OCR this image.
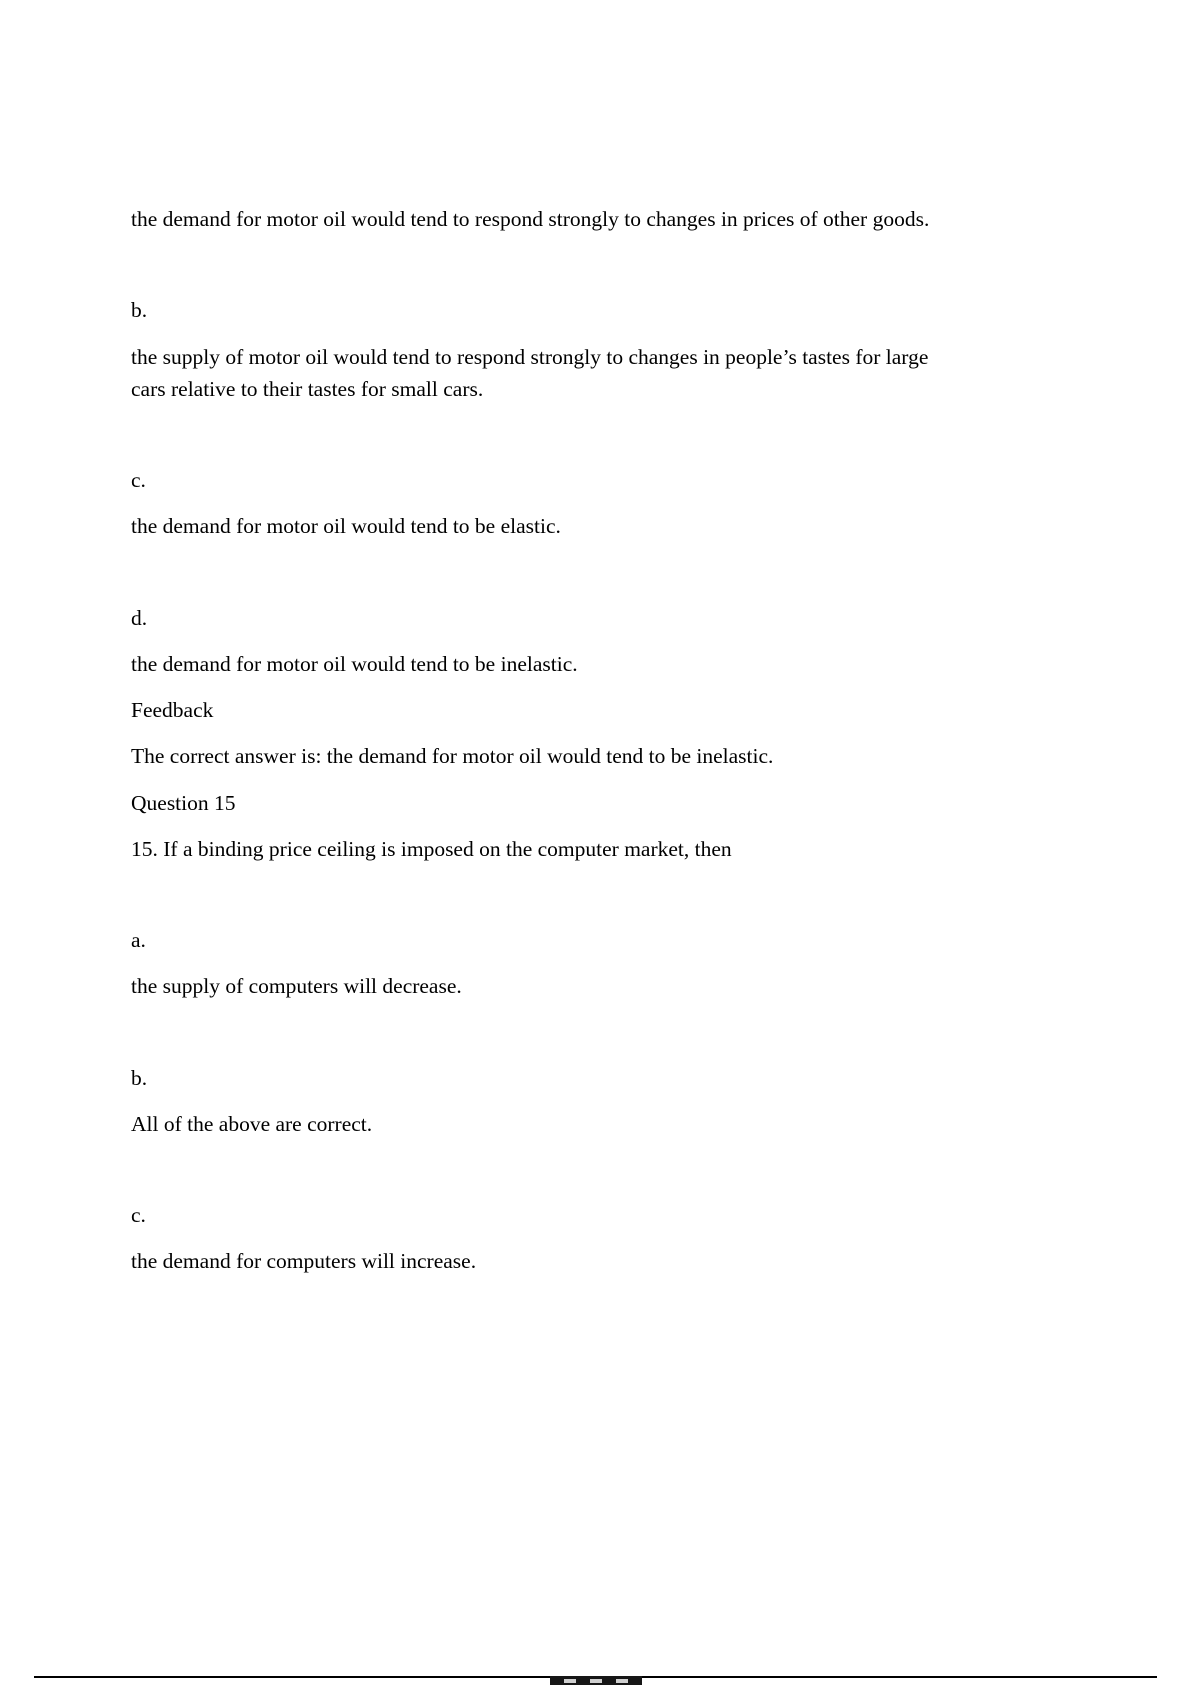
the demand for motor oil would tend to respond strongly to changes in prices of other goods.

b.

the supply of motor oil would tend to respond strongly to changes in people’s tastes for large cars relative to their tastes for small cars.

c.

the demand for motor oil would tend to be elastic.

d.

the demand for motor oil would tend to be inelastic.

Feedback

The correct answer is: the demand for motor oil would tend to be inelastic.

Question 15

15. If a binding price ceiling is imposed on the computer market, then

a.

the supply of computers will decrease.

b.

All of the above are correct.

c.

the demand for computers will increase.
